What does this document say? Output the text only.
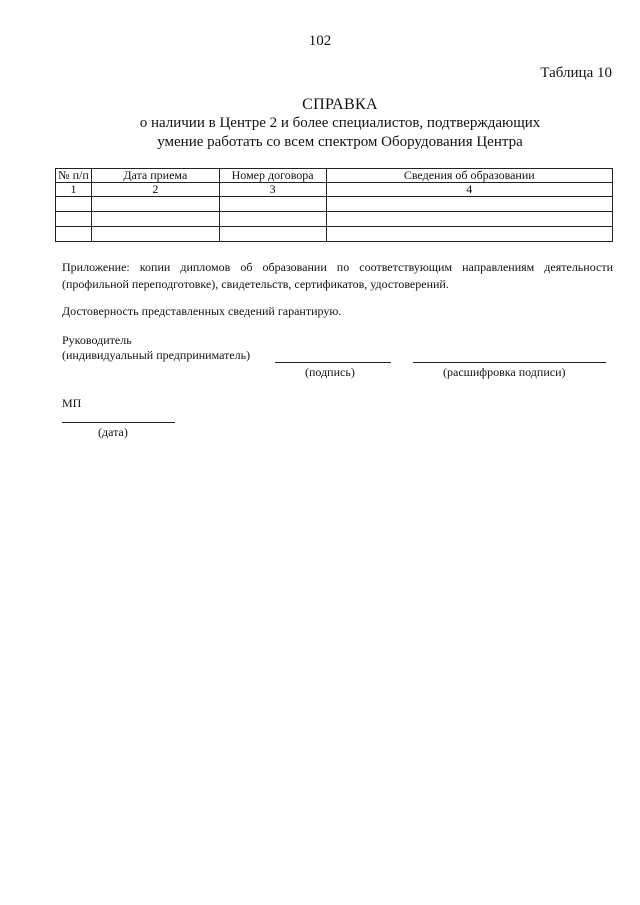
102
Таблица 10
СПРАВКА
о наличии в Центре 2 и более специалистов, подтверждающих
умение работать со всем спектром Оборудования Центра
№ п/п	Дата приема	Номер договора	Сведения об образовании
1	2	3	4

Приложение: копии дипломов об образовании по соответствующим направлениям деятельности (профильной переподготовке), свидетельств, сертификатов, удостоверений.
Достоверность представленных сведений гарантирую.
Руководитель
(индивидуальный предприниматель)
(подпись)	(расшифровка подписи)
МП
(дата)
